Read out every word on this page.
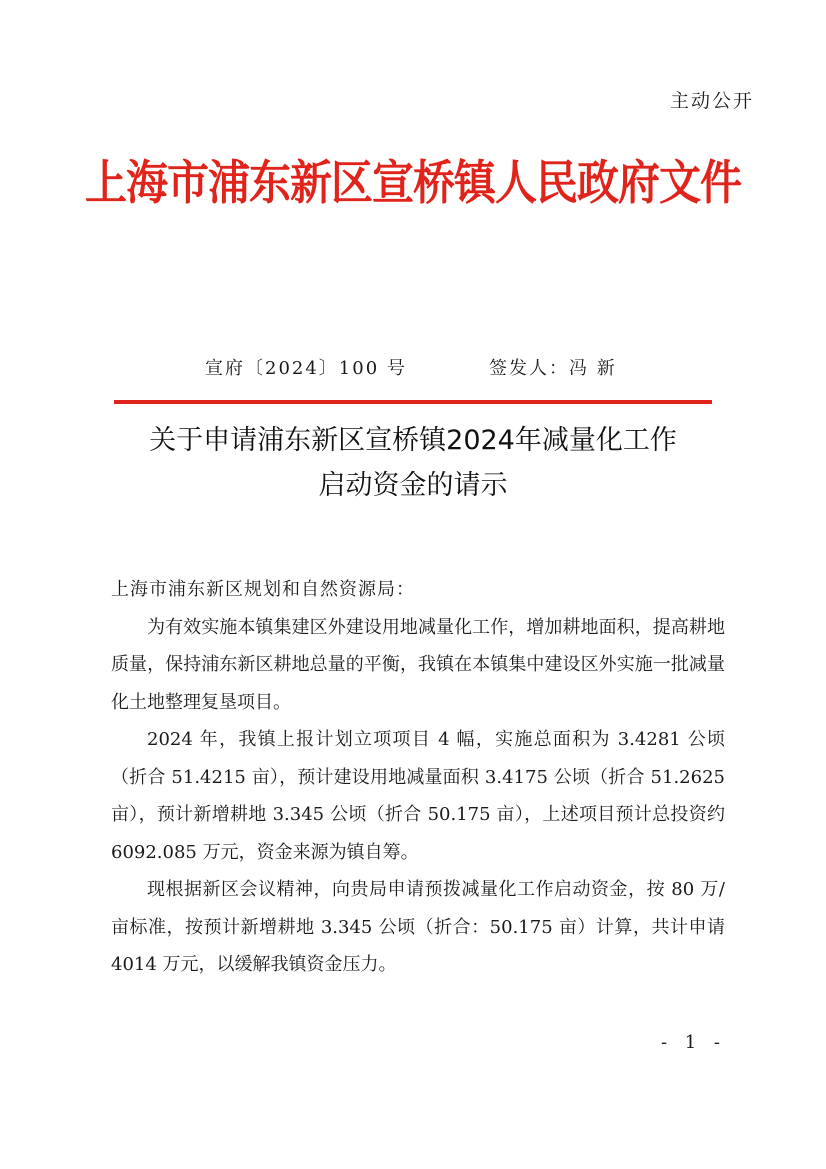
主动公开
上海市浦东新区宣桥镇人民政府文件
宣府〔2024〕100 号	签发人：冯 新
关于申请浦东新区宣桥镇2024年减量化工作
启动资金的请示

上海市浦东新区规划和自然资源局：

为有效实施本镇集建区外建设用地减量化工作，增加耕地面积，提高耕地质量，保持浦东新区耕地总量的平衡，我镇在本镇集中建设区外实施一批减量化土地整理复垦项目。

2024 年，我镇上报计划立项项目 4 幅，实施总面积为 3.4281 公顷（折合 51.4215 亩），预计建设用地减量面积 3.4175 公顷（折合 51.2625 亩），预计新增耕地 3.345 公顷（折合 50.175 亩），上述项目预计总投资约 6092.085 万元，资金来源为镇自筹。

现根据新区会议精神，向贵局申请预拨减量化工作启动资金，按 80 万/亩标准，按预计新增耕地 3.345 公顷（折合：50.175 亩）计算，共计申请 4014 万元，以缓解我镇资金压力。

- 1 -
